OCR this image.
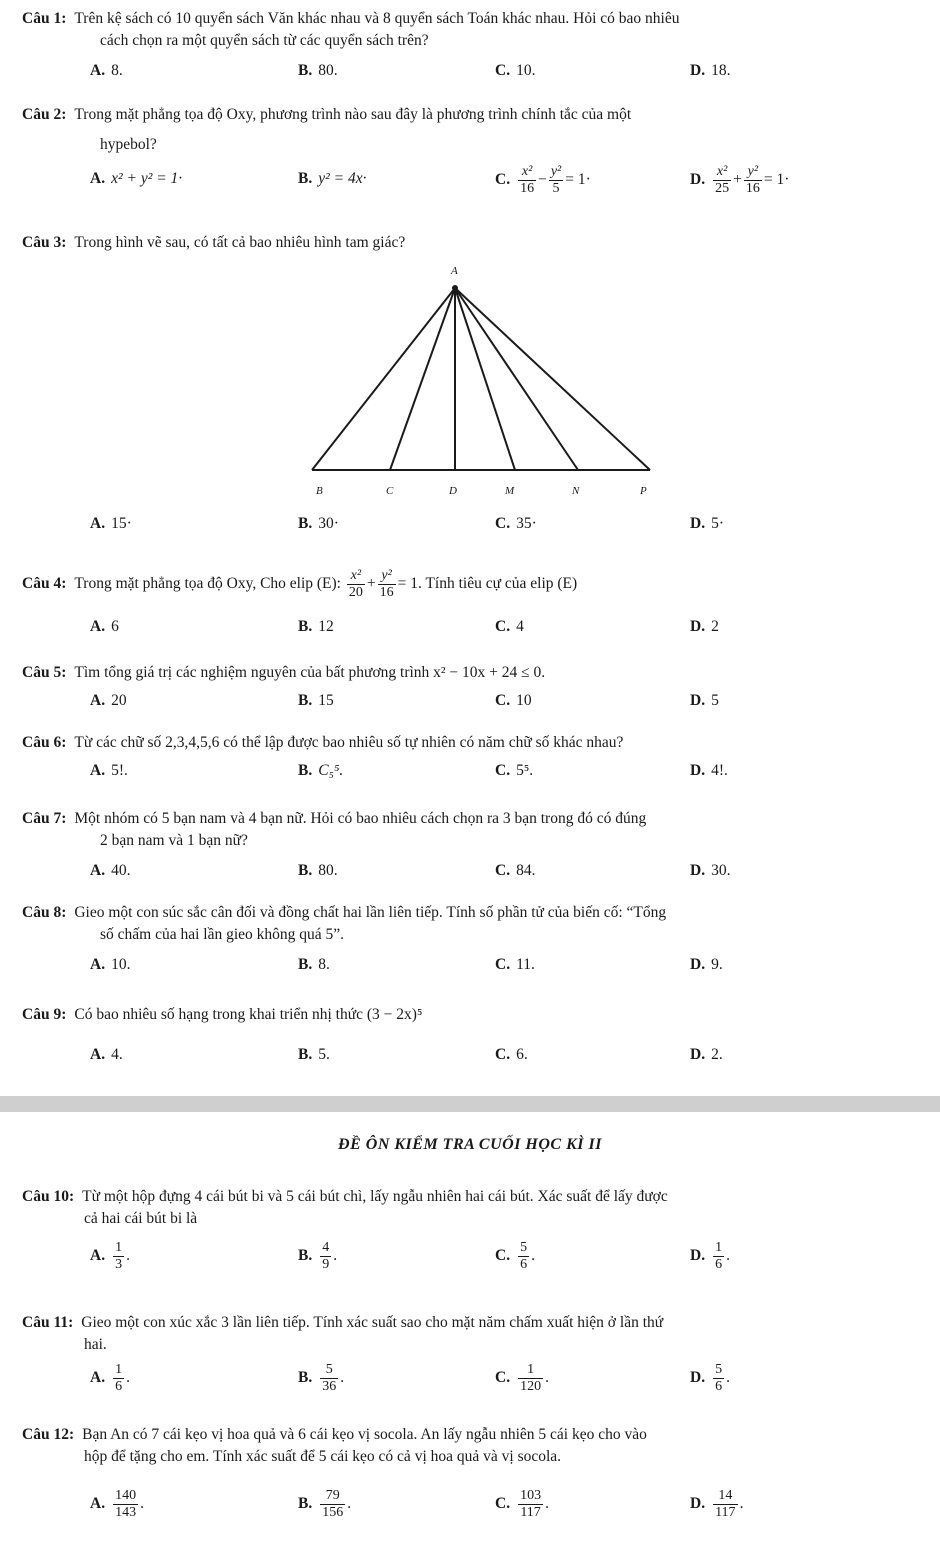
Câu 1: Trên kệ sách có 10 quyển sách Văn khác nhau và 8 quyển sách Toán khác nhau. Hỏi có bao nhiêu
cách chọn ra một quyển sách từ các quyển sách trên?
A. 8.	B. 80.	C. 10.	D. 18.
Câu 2: Trong mặt phẳng tọa độ Oxy, phương trình nào sau đây là phương trình chính tắc của một
hypebol?
A. x² + y² = 1·	B. y² = 4x·	C. $\frac{\text{x²}}{16} - \frac{\text{y²}}{5} = 1\cdot$	D. $\frac{\text{x²}}{25} + \frac{\text{y²}}{16} = 1\cdot$
Câu 3: Trong hình vẽ sau, có tất cả bao nhiêu hình tam giác?
A
B	C	D	M	N	P
A. 15·	B. 30·	C. 35·	D. 5·
Câu 4: Trong mặt phẳng tọa độ Oxy, Cho elip (E): $\frac{\text{x²}}{20} + \frac{\text{y²}}{16} = 1$. Tính tiêu cự của elip (E)
A. 6	B. 12	C. 4	D. 2
Câu 5: Tìm tổng giá trị các nghiệm nguyên của bất phương trình x² − 10x + 24 ≤ 0.
A. 20	B. 15	C. 10	D. 5
Câu 6: Từ các chữ số 2,3,4,5,6 có thể lập được bao nhiêu số tự nhiên có năm chữ số khác nhau?
A. 5!.	B. C₅⁵.	C. 5⁵.	D. 4!.
Câu 7: Một nhóm có 5 bạn nam và 4 bạn nữ. Hỏi có bao nhiêu cách chọn ra 3 bạn trong đó có đúng
2 bạn nam và 1 bạn nữ?
A. 40.	B. 80.	C. 84.	D. 30.
Câu 8: Gieo một con súc sắc cân đối và đồng chất hai lần liên tiếp. Tính số phần tử của biến cố: “Tổng
số chấm của hai lần gieo không quá 5”.
A. 10.	B. 8.	C. 11.	D. 9.
Câu 9: Có bao nhiêu số hạng trong khai triển nhị thức (3 − 2x)⁵
A. 4.	B. 5.	C. 6.	D. 2.
ĐỀ ÔN KIỂM TRA CUỐI HỌC KÌ II
Câu 10: Từ một hộp đựng 4 cái bút bi và 5 cái bút chì, lấy ngẫu nhiên hai cái bút. Xác suất để lấy được
cả hai cái bút bi là
A. $\frac{1}{3}$ .	B. $\frac{4}{9}$ .	C. $\frac{5}{6}$ .	D. $\frac{1}{6}$ .
Câu 11: Gieo một con xúc xắc 3 lần liên tiếp. Tính xác suất sao cho mặt năm chấm xuất hiện ở lần thứ
hai.
A. $\frac{1}{6}$ .	B. $\frac{5}{36}$ .	C. $\frac{1}{120}$ .	D. $\frac{5}{6}$ .
Câu 12: Bạn An có 7 cái kẹo vị hoa quả và 6 cái kẹo vị socola. An lấy ngẫu nhiên 5 cái kẹo cho vào
hộp để tặng cho em. Tính xác suất để 5 cái kẹo có cả vị hoa quả và vị socola.
A. $\frac{140}{143}$ .	B. $\frac{79}{156}$ .	C. $\frac{103}{117}$ .	D. $\frac{14}{117}$ .
